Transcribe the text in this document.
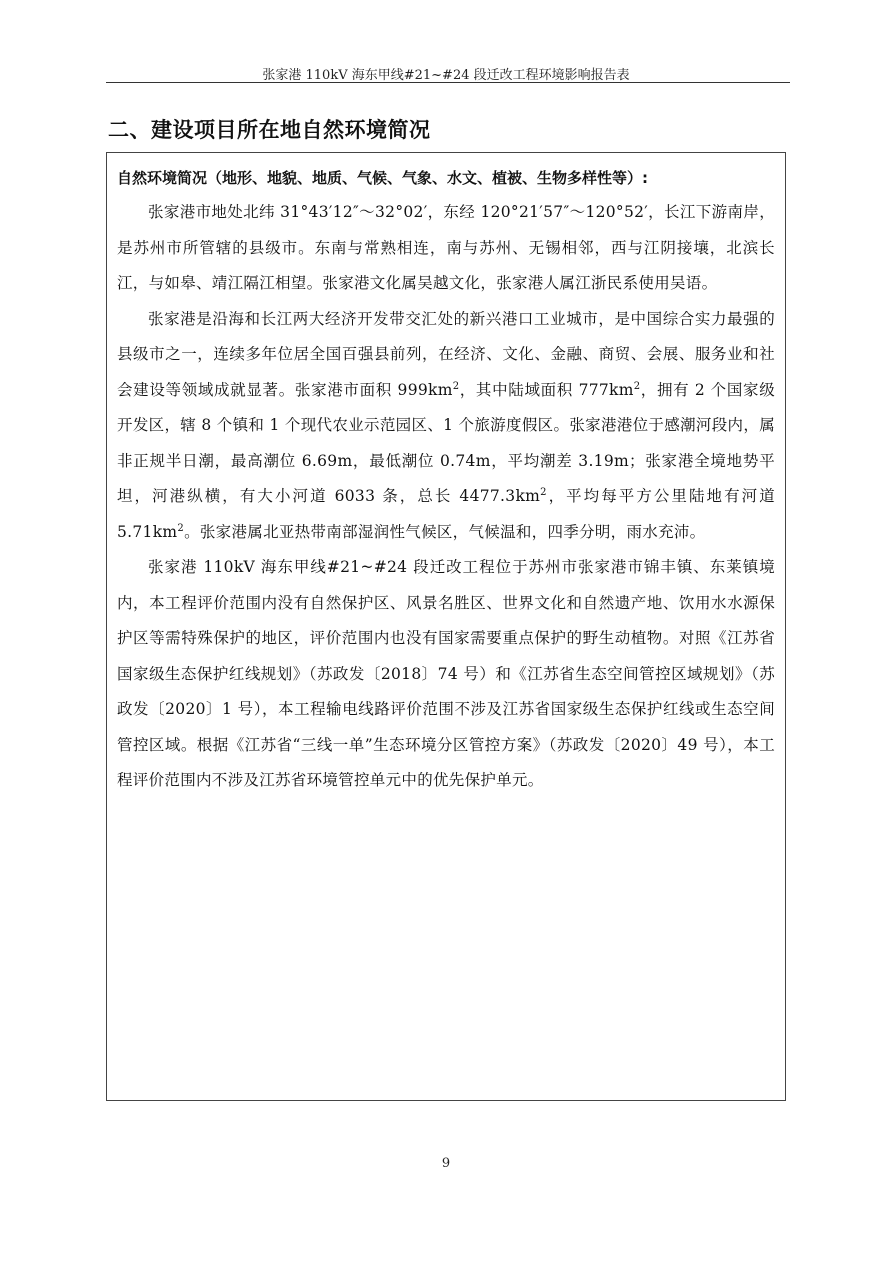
张家港 110kV 海东甲线#21~#24 段迁改工程环境影响报告表
二、建设项目所在地自然环境简况

自然环境简况（地形、地貌、地质、气候、气象、水文、植被、生物多样性等）:

张家港市地处北纬 31°43′12″～32°02′，东经 120°21′57″～120°52′，长江下游南岸，是苏州市所管辖的县级市。东南与常熟相连，南与苏州、无锡相邻，西与江阴接壤，北滨长江，与如皋、靖江隔江相望。张家港文化属吴越文化，张家港人属江浙民系使用吴语。

张家港是沿海和长江两大经济开发带交汇处的新兴港口工业城市，是中国综合实力最强的县级市之一，连续多年位居全国百强县前列，在经济、文化、金融、商贸、会展、服务业和社会建设等领域成就显著。张家港市面积 $999km^2$，其中陆域面积 $777km^2$，拥有 2 个国家级开发区，辖 8 个镇和 1 个现代农业示范园区、1 个旅游度假区。张家港港位于感潮河段内，属非正规半日潮，最高潮位 6.69m，最低潮位 0.74m，平均潮差 3.19m；张家港全境地势平坦，河港纵横，有大小河道 6033 条，总长 $4477.3km^2$，平均每平方公里陆地有河道 $5.71km^2$。张家港属北亚热带南部湿润性气候区，气候温和，四季分明，雨水充沛。

张家港 110kV 海东甲线#21~#24 段迁改工程位于苏州市张家港市锦丰镇、东莱镇境内，本工程评价范围内没有自然保护区、风景名胜区、世界文化和自然遗产地、饮用水水源保护区等需特殊保护的地区，评价范围内也没有国家需要重点保护的野生动植物。对照《江苏省国家级生态保护红线规划》（苏政发〔2018〕74 号）和《江苏省生态空间管控区域规划》（苏政发〔2020〕1 号），本工程输电线路评价范围不涉及江苏省国家级生态保护红线或生态空间管控区域。根据《江苏省“三线一单”生态环境分区管控方案》（苏政发〔2020〕49 号），本工程评价范围内不涉及江苏省环境管控单元中的优先保护单元。

9
